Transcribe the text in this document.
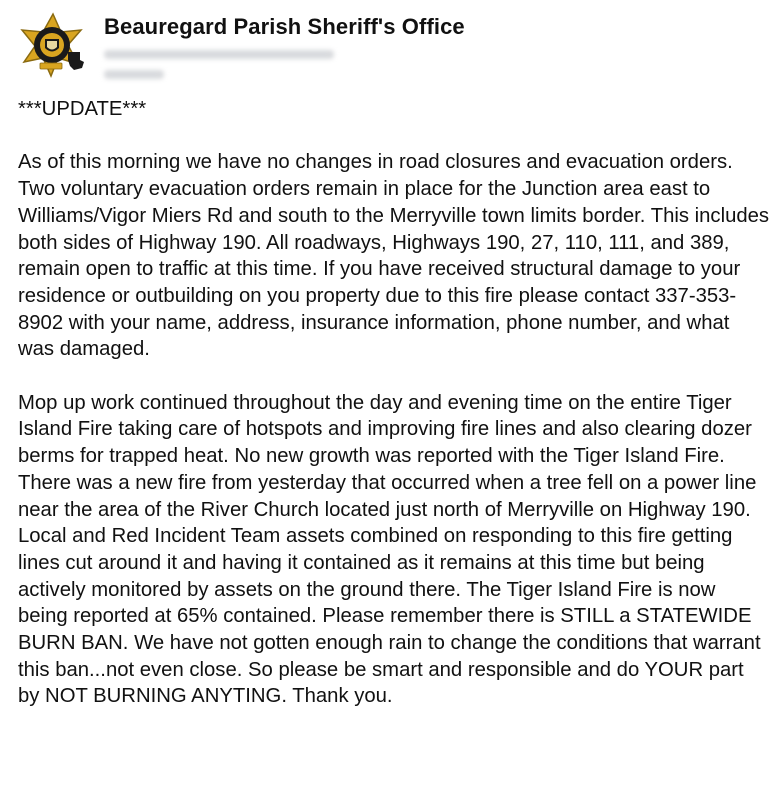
Beauregard Parish Sheriff's Office

***UPDATE***

As of this morning we have no changes in road closures and evacuation orders. Two voluntary evacuation orders remain in place for the Junction area east to Williams/Vigor Miers Rd and south to the Merryville town limits border. This includes both sides of Highway 190. All roadways, Highways 190, 27, 110, 111, and 389, remain open to traffic at this time. If you have received structural damage to your residence or outbuilding on you property due to this fire please contact 337-353-8902 with your name, address, insurance information, phone number, and what was damaged.

Mop up work continued throughout the day and evening time on the entire Tiger Island Fire taking care of hotspots and improving fire lines and also clearing dozer berms for trapped heat. No new growth was reported with the Tiger Island Fire. There was a new fire from yesterday that occurred when a tree fell on a power line near the area of the River Church located just north of Merryville on Highway 190. Local and Red Incident Team assets combined on responding to this fire getting lines cut around it and having it contained as it remains at this time but being actively monitored by assets on the ground there. The Tiger Island Fire is now being reported at 65% contained. Please remember there is STILL a STATEWIDE BURN BAN. We have not gotten enough rain to change the conditions that warrant this ban...not even close. So please be smart and responsible and do YOUR part by NOT BURNING ANYTING. Thank you.
